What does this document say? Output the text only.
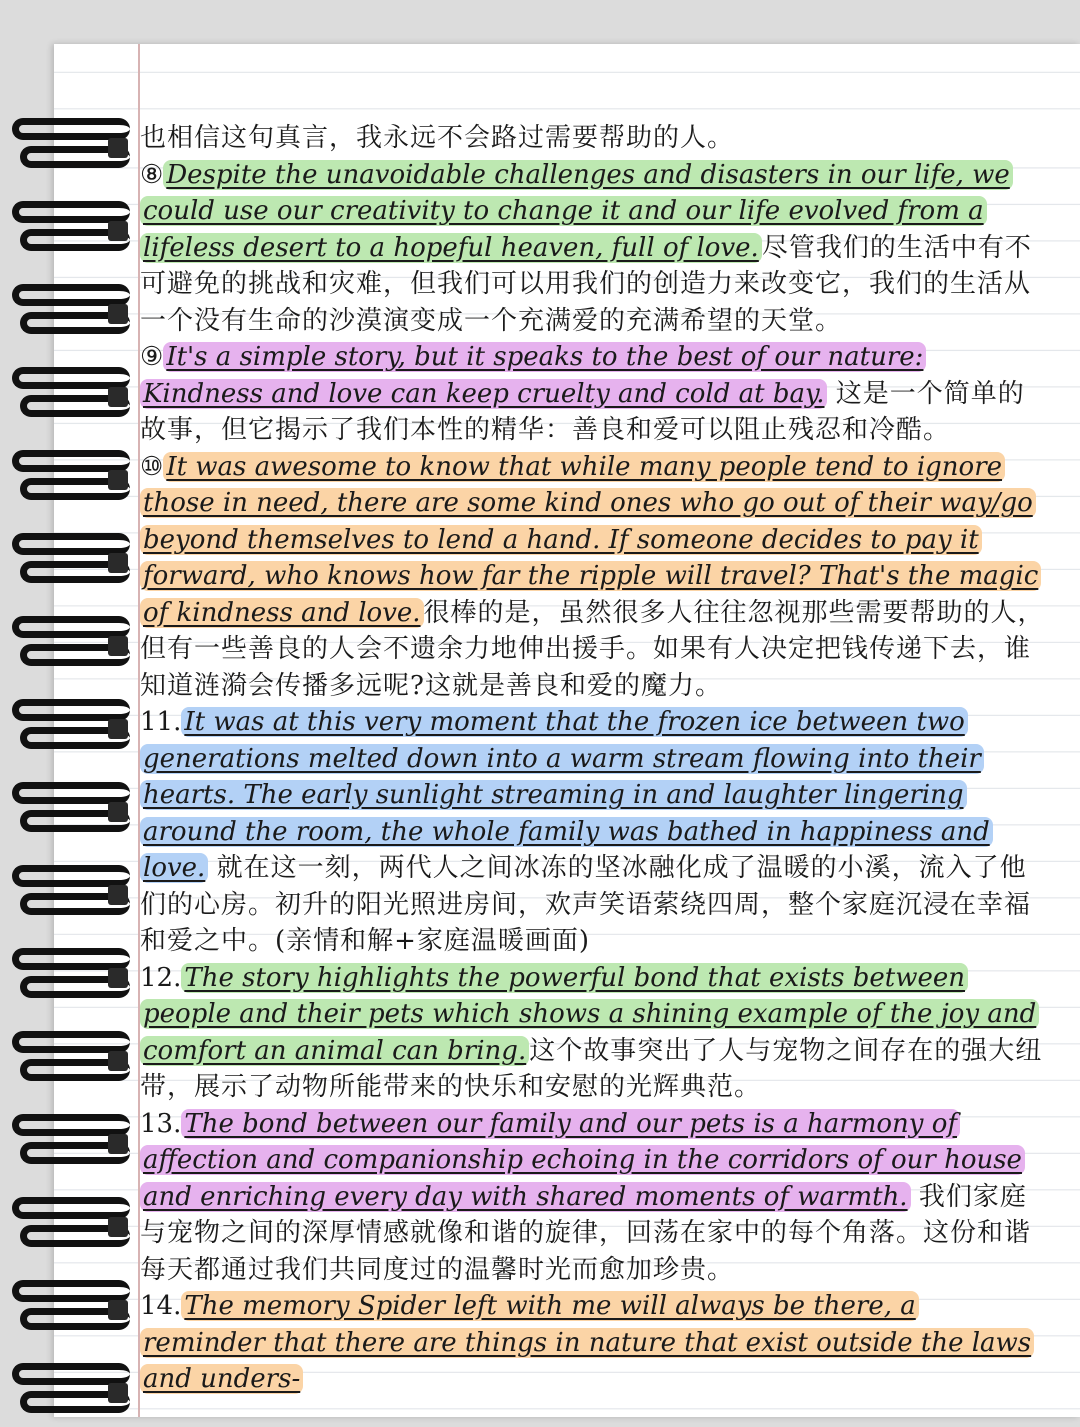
也相信这句真言，我永远不会路过需要帮助的人。

⑧ Despite the unavoidable challenges and disasters in our life, we could use our creativity to change it and our life evolved from a lifeless desert to a hopeful heaven, full of love. 尽管我们的生活中有不可避免的挑战和灾难，但我们可以用我们的创造力来改变它，我们的生活从一个没有生命的沙漠演变成一个充满爱的充满希望的天堂。

⑨ It's a simple story, but it speaks to the best of our nature: Kindness and love can keep cruelty and cold at bay. 这是一个简单的故事，但它揭示了我们本性的精华：善良和爱可以阻止残忍和冷酷。

⑩ It was awesome to know that while many people tend to ignore those in need, there are some kind ones who go out of their way/go beyond themselves to lend a hand. If someone decides to pay it forward, who knows how far the ripple will travel? That's the magic of kindness and love. 很棒的是，虽然很多人往往忽视那些需要帮助的人，但有一些善良的人会不遗余力地伸出援手。如果有人决定把钱传递下去，谁知道涟漪会传播多远呢?这就是善良和爱的魔力。

11. It was at this very moment that the frozen ice between two generations melted down into a warm stream flowing into their hearts. The early sunlight streaming in and laughter lingering around the room, the whole family was bathed in happiness and love. 就在这一刻，两代人之间冰冻的坚冰融化成了温暖的小溪，流入了他们的心房。初升的阳光照进房间，欢声笑语萦绕四周，整个家庭沉浸在幸福和爱之中。(亲情和解+家庭温暖画面)

12. The story highlights the powerful bond that exists between people and their pets which shows a shining example of the joy and comfort an animal can bring. 这个故事突出了人与宠物之间存在的强大纽带，展示了动物所能带来的快乐和安慰的光辉典范。

13. The bond between our family and our pets is a harmony of affection and companionship echoing in the corridors of our house and enriching every day with shared moments of warmth. 我们家庭与宠物之间的深厚情感就像和谐的旋律，回荡在家中的每个角落。这份和谐每天都通过我们共同度过的温馨时光而愈加珍贵。

14. The memory Spider left with me will always be there, a reminder that there are things in nature that exist outside the laws and unders-
